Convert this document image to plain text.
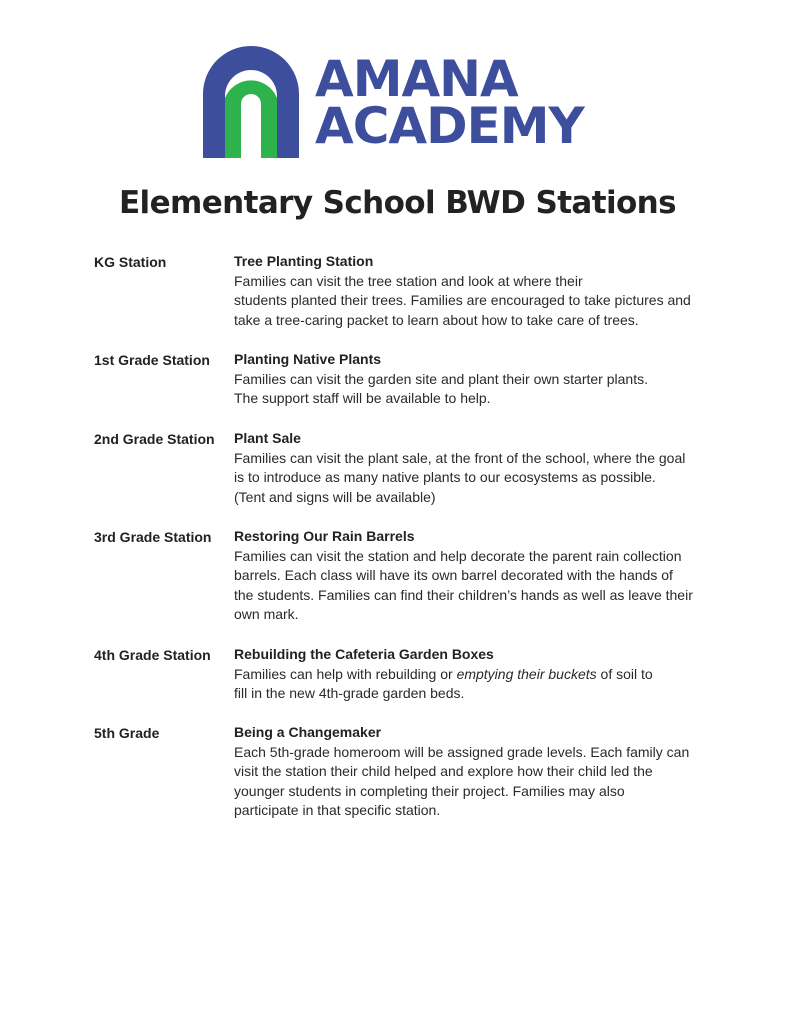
AMANA
ACADEMY
Elementary School BWD Stations
KG Station	Tree Planting Station
Families can visit the tree station and look at where their
students planted their trees. Families are encouraged to take pictures and
take a tree-caring packet to learn about how to take care of trees.
1st Grade Station	Planting Native Plants
Families can visit the garden site and plant their own starter plants.
The support staff will be available to help.
2nd Grade Station	Plant Sale
Families can visit the plant sale, at the front of the school, where the goal
is to introduce as many native plants to our ecosystems as possible.
(Tent and signs will be available)
3rd Grade Station	Restoring Our Rain Barrels
Families can visit the station and help decorate the parent rain collection
barrels. Each class will have its own barrel decorated with the hands of
the students. Families can find their children’s hands as well as leave their
own mark.
4th Grade Station	Rebuilding the Cafeteria Garden Boxes
Families can help with rebuilding or emptying their buckets of soil to
fill in the new 4th-grade garden beds.
5th Grade	Being a Changemaker
Each 5th-grade homeroom will be assigned grade levels. Each family can
visit the station their child helped and explore how their child led the
younger students in completing their project. Families may also
participate in that specific station.
